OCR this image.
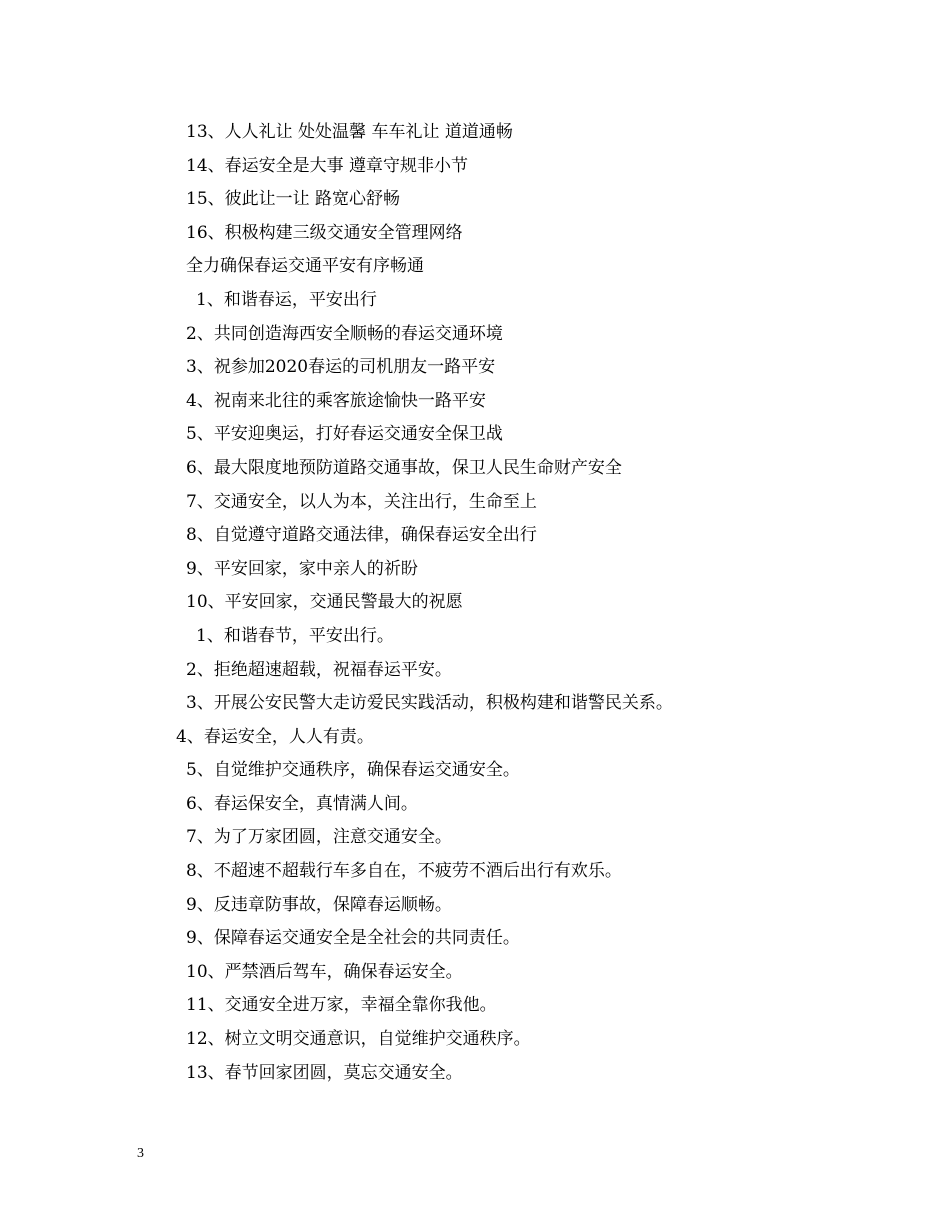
13、人人礼让 处处温馨 车车礼让 道道通畅
14、春运安全是大事 遵章守规非小节
15、彼此让一让 路宽心舒畅
16、积极构建三级交通安全管理网络
全力确保春运交通平安有序畅通
1、和谐春运，平安出行
2、共同创造海西安全顺畅的春运交通环境
3、祝参加2020春运的司机朋友一路平安
4、祝南来北往的乘客旅途愉快一路平安
5、平安迎奥运，打好春运交通安全保卫战
6、最大限度地预防道路交通事故，保卫人民生命财产安全
7、交通安全，以人为本，关注出行，生命至上
8、自觉遵守道路交通法律，确保春运安全出行
9、平安回家，家中亲人的祈盼
10、平安回家，交通民警最大的祝愿
1、和谐春节，平安出行。
2、拒绝超速超载，祝福春运平安。
3、开展公安民警大走访爱民实践活动，积极构建和谐警民关系。
4、春运安全，人人有责。
5、自觉维护交通秩序，确保春运交通安全。
6、春运保安全，真情满人间。
7、为了万家团圆，注意交通安全。
8、不超速不超载行车多自在，不疲劳不酒后出行有欢乐。
9、反违章防事故，保障春运顺畅。
9、保障春运交通安全是全社会的共同责任。
10、严禁酒后驾车，确保春运安全。
11、交通安全进万家，幸福全靠你我他。
12、树立文明交通意识，自觉维护交通秩序。
13、春节回家团圆，莫忘交通安全。
3
